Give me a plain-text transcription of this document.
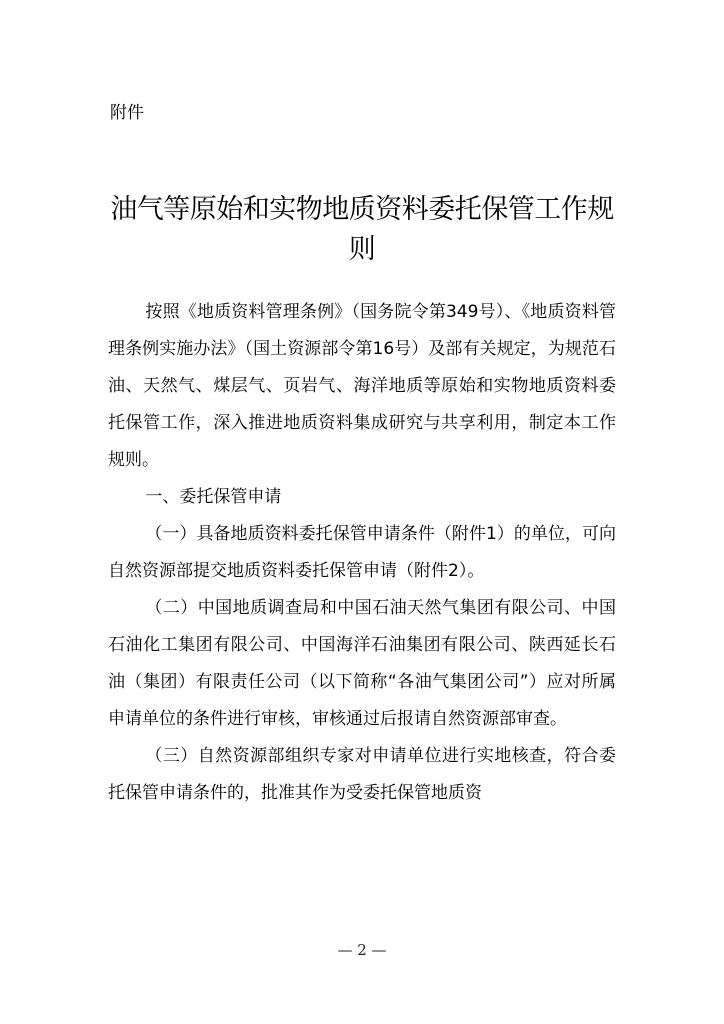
附件
油气等原始和实物地质资料委托保管工作规则

按照《地质资料管理条例》（国务院令第349号）、《地质资料管理条例实施办法》（国土资源部令第16号）及部有关规定，为规范石油、天然气、煤层气、页岩气、海洋地质等原始和实物地质资料委托保管工作，深入推进地质资料集成研究与共享利用，制定本工作规则。

一、委托保管申请

（一）具备地质资料委托保管申请条件（附件1）的单位，可向自然资源部提交地质资料委托保管申请（附件2）。

（二）中国地质调查局和中国石油天然气集团有限公司、中国石油化工集团有限公司、中国海洋石油集团有限公司、陕西延长石油（集团）有限责任公司（以下简称“各油气集团公司”）应对所属申请单位的条件进行审核，审核通过后报请自然资源部审查。

（三）自然资源部组织专家对申请单位进行实地核查，符合委托保管申请条件的，批准其作为受委托保管地质资

— 2 —
